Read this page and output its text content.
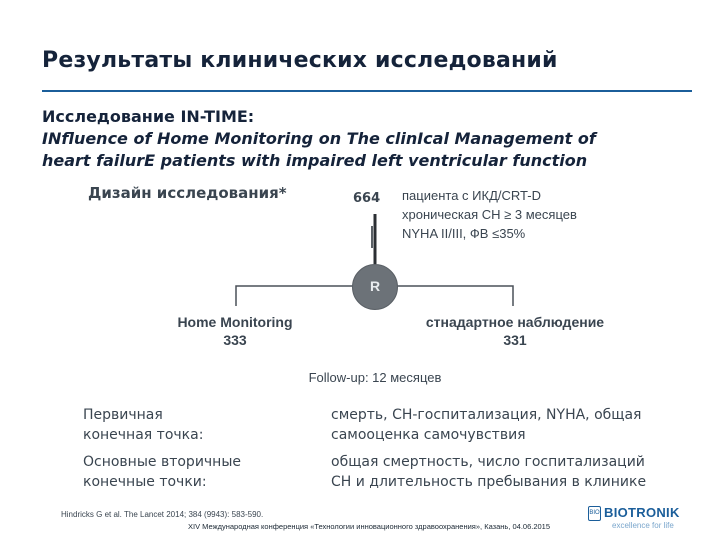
Результаты клинических исследований
Исследование IN-TIME:
INfluence of Home Monitoring on The clinIcal Management of
heart failurE patients with impaired left ventricular function
Дизайн исследования*	664 пациента с ИКД/CRT-D
хроническая СН ≥ 3 месяцев
NYHA II/III, ФВ ≤35%
R
Home Monitoring
333
стнадартное наблюдение
331
Follow-up: 12 месяцев
Первичная
конечная точка:
смерть, СН-госпитализация, NYHA, общая
самооценка самочувствия
Основные вторичные
конечные точки:
общая смертность, число госпитализаций
СН и длительность пребывания в клинике
Hindricks G et al. The Lancet 2014; 384 (9943): 583-590.
XIV Международная конференция «Технологии инновационного здравоохранения», Казань, 04.06.2015
BIO BIOTRONIK
excellence for life
